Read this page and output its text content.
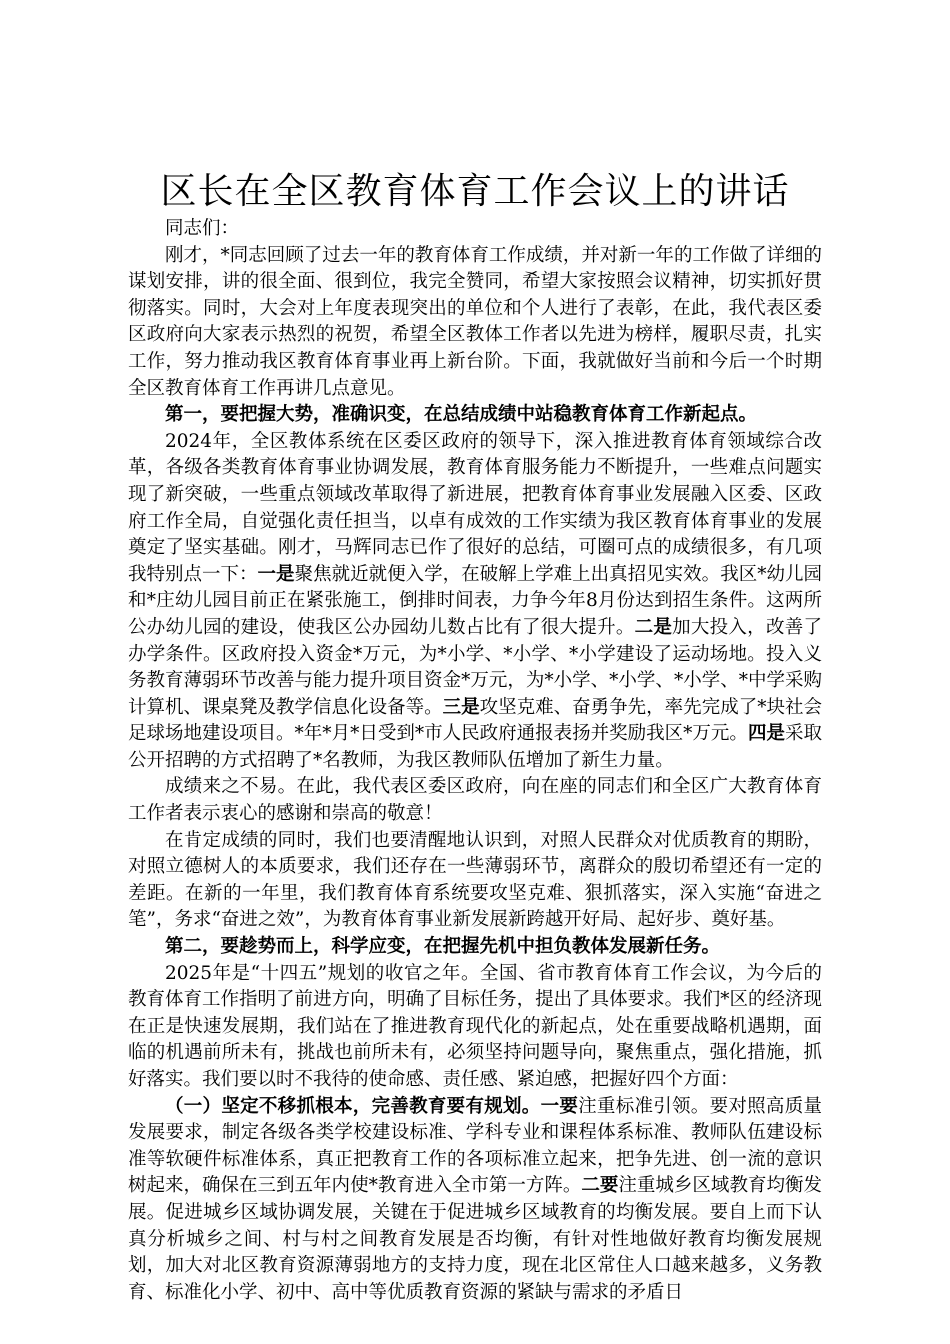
区长在全区教育体育工作会议上的讲话

同志们：

刚才，*同志回顾了过去一年的教育体育工作成绩，并对新一年的工作做了详细的谋划安排，讲的很全面、很到位，我完全赞同，希望大家按照会议精神，切实抓好贯彻落实。同时，大会对上年度表现突出的单位和个人进行了表彰，在此，我代表区委区政府向大家表示热烈的祝贺，希望全区教体工作者以先进为榜样，履职尽责，扎实工作，努力推动我区教育体育事业再上新台阶。下面，我就做好当前和今后一个时期全区教育体育工作再讲几点意见。

第一，要把握大势，准确识变，在总结成绩中站稳教育体育工作新起点。

2024年，全区教体系统在区委区政府的领导下，深入推进教育体育领域综合改革，各级各类教育体育事业协调发展，教育体育服务能力不断提升，一些难点问题实现了新突破，一些重点领域改革取得了新进展，把教育体育事业发展融入区委、区政府工作全局，自觉强化责任担当，以卓有成效的工作实绩为我区教育体育事业的发展奠定了坚实基础。刚才，马辉同志已作了很好的总结，可圈可点的成绩很多，有几项我特别点一下：一是聚焦就近就便入学，在破解上学难上出真招见实效。我区*幼儿园和*庄幼儿园目前正在紧张施工，倒排时间表，力争今年8月份达到招生条件。这两所公办幼儿园的建设，使我区公办园幼儿数占比有了很大提升。二是加大投入，改善了办学条件。区政府投入资金*万元，为*小学、*小学、*小学建设了运动场地。投入义务教育薄弱环节改善与能力提升项目资金*万元，为*小学、*小学、*小学、*中学采购计算机、课桌凳及教学信息化设备等。三是攻坚克难、奋勇争先，率先完成了*块社会足球场地建设项目。*年*月*日受到*市人民政府通报表扬并奖励我区*万元。四是采取公开招聘的方式招聘了*名教师，为我区教师队伍增加了新生力量。

成绩来之不易。在此，我代表区委区政府，向在座的同志们和全区广大教育体育工作者表示衷心的感谢和崇高的敬意！

在肯定成绩的同时，我们也要清醒地认识到，对照人民群众对优质教育的期盼，对照立德树人的本质要求，我们还存在一些薄弱环节，离群众的殷切希望还有一定的差距。在新的一年里，我们教育体育系统要攻坚克难、狠抓落实，深入实施“奋进之笔”，务求“奋进之效”，为教育体育事业新发展新跨越开好局、起好步、奠好基。

第二，要趁势而上，科学应变，在把握先机中担负教体发展新任务。

2025年是“十四五”规划的收官之年。全国、省市教育体育工作会议，为今后的教育体育工作指明了前进方向，明确了目标任务，提出了具体要求。我们*区的经济现在正是快速发展期，我们站在了推进教育现代化的新起点，处在重要战略机遇期，面临的机遇前所未有，挑战也前所未有，必须坚持问题导向，聚焦重点，强化措施，抓好落实。我们要以时不我待的使命感、责任感、紧迫感，把握好四个方面：

（一）坚定不移抓根本，完善教育要有规划。一要注重标准引领。要对照高质量发展要求，制定各级各类学校建设标准、学科专业和课程体系标准、教师队伍建设标准等软硬件标准体系，真正把教育工作的各项标准立起来，把争先进、创一流的意识树起来，确保在三到五年内使*教育进入全市第一方阵。二要注重城乡区域教育均衡发展。促进城乡区域协调发展，关键在于促进城乡区域教育的均衡发展。要自上而下认真分析城乡之间、村与村之间教育发展是否均衡，有针对性地做好教育均衡发展规划，加大对北区教育资源薄弱地方的支持力度，现在北区常住人口越来越多，义务教育、标准化小学、初中、高中等优质教育资源的紧缺与需求的矛盾日
